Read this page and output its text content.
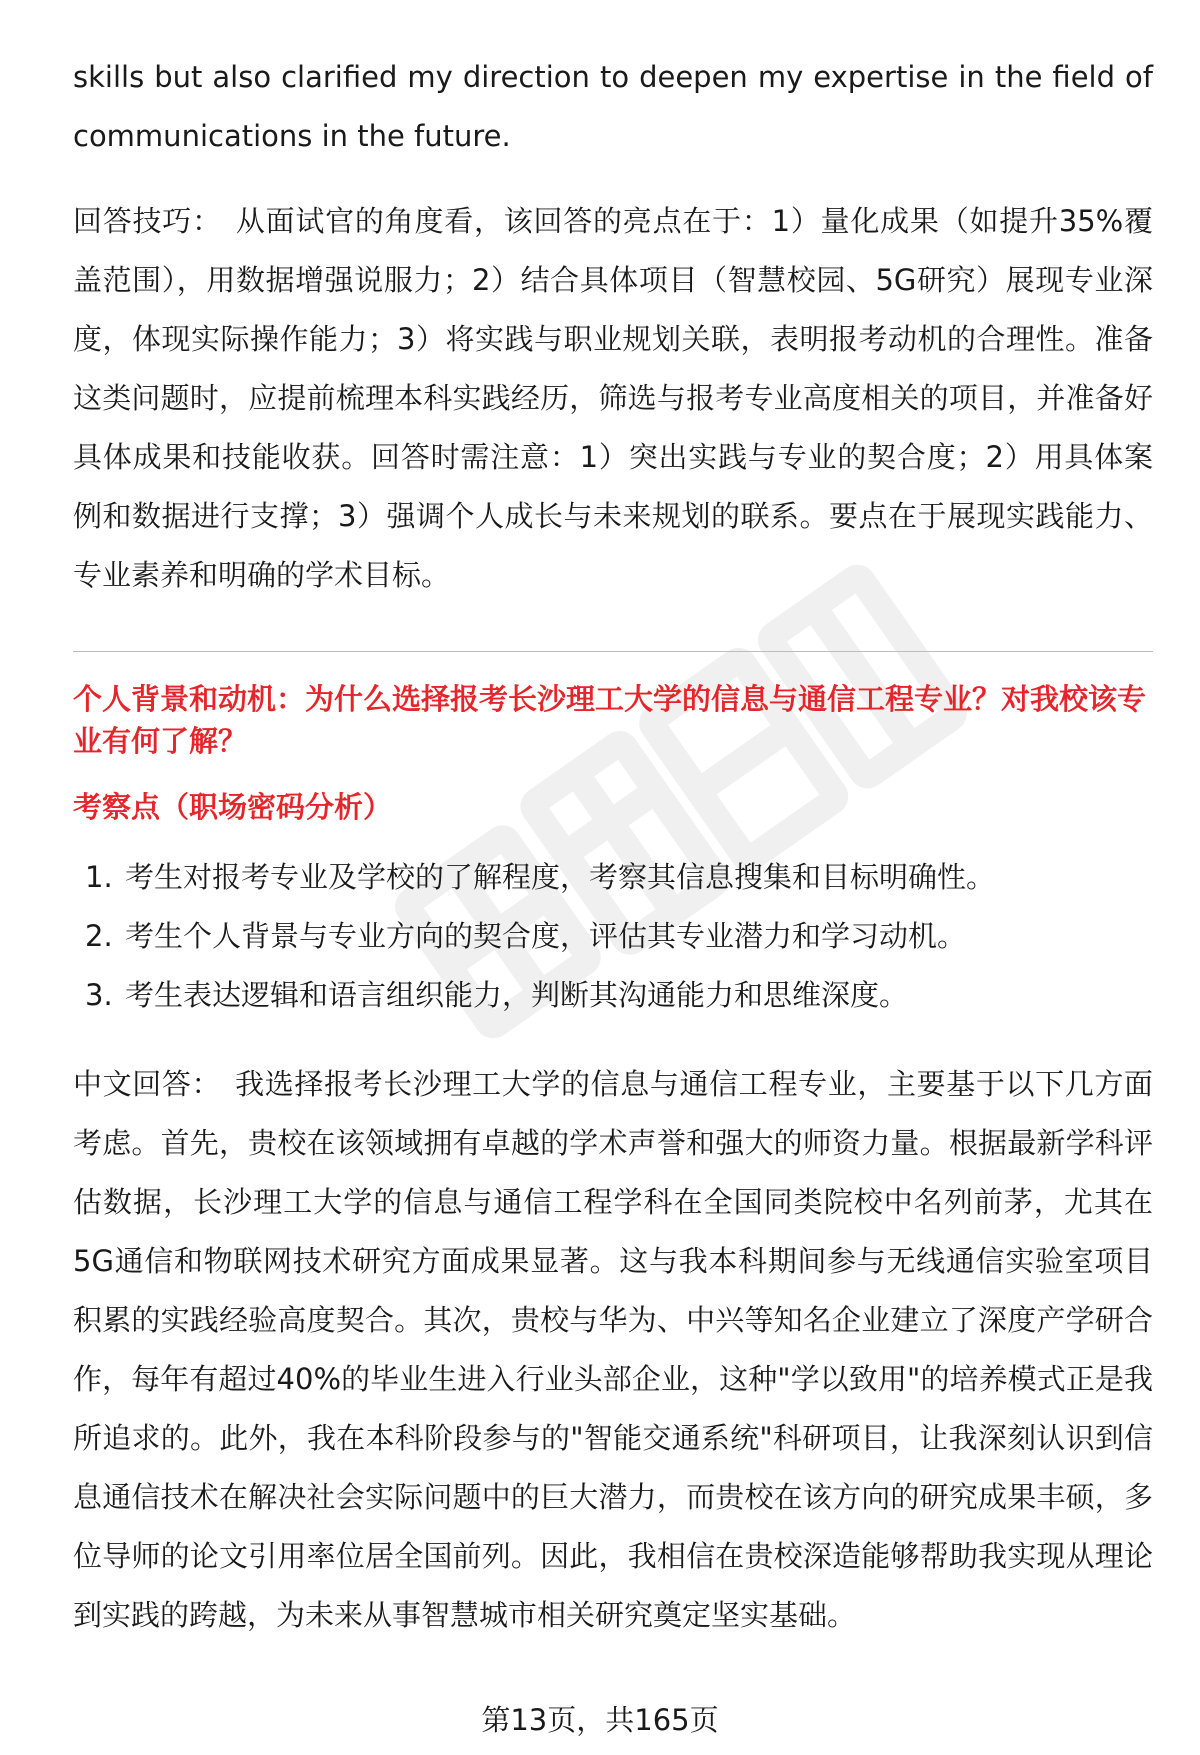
skills but also clarified my direction to deepen my expertise in the field of communications in the future.

回答技巧： 从面试官的角度看，该回答的亮点在于：1）量化成果（如提升35%覆盖范围），用数据增强说服力；2）结合具体项目（智慧校园、5G研究）展现专业深度，体现实际操作能力；3）将实践与职业规划关联，表明报考动机的合理性。准备这类问题时，应提前梳理本科实践经历，筛选与报考专业高度相关的项目，并准备好具体成果和技能收获。回答时需注意：1）突出实践与专业的契合度；2）用具体案例和数据进行支撑；3）强调个人成长与未来规划的联系。要点在于展现实践能力、专业素养和明确的学术目标。

个人背景和动机：为什么选择报考长沙理工大学的信息与通信工程专业？对我校该专业有何了解？

考察点（职场密码分析）

1. 考生对报考专业及学校的了解程度，考察其信息搜集和目标明确性。
2. 考生个人背景与专业方向的契合度，评估其专业潜力和学习动机。
3. 考生表达逻辑和语言组织能力，判断其沟通能力和思维深度。

中文回答： 我选择报考长沙理工大学的信息与通信工程专业，主要基于以下几方面考虑。首先，贵校在该领域拥有卓越的学术声誉和强大的师资力量。根据最新学科评估数据，长沙理工大学的信息与通信工程学科在全国同类院校中名列前茅，尤其在5G通信和物联网技术研究方面成果显著。这与我本科期间参与无线通信实验室项目积累的实践经验高度契合。其次，贵校与华为、中兴等知名企业建立了深度产学研合作，每年有超过40%的毕业生进入行业头部企业，这种"学以致用"的培养模式正是我所追求的。此外，我在本科阶段参与的"智能交通系统"科研项目，让我深刻认识到信息通信技术在解决社会实际问题中的巨大潜力，而贵校在该方向的研究成果丰硕，多位导师的论文引用率位居全国前列。因此，我相信在贵校深造能够帮助我实现从理论到实践的跨越，为未来从事智慧城市相关研究奠定坚实基础。

第13页，共165页
